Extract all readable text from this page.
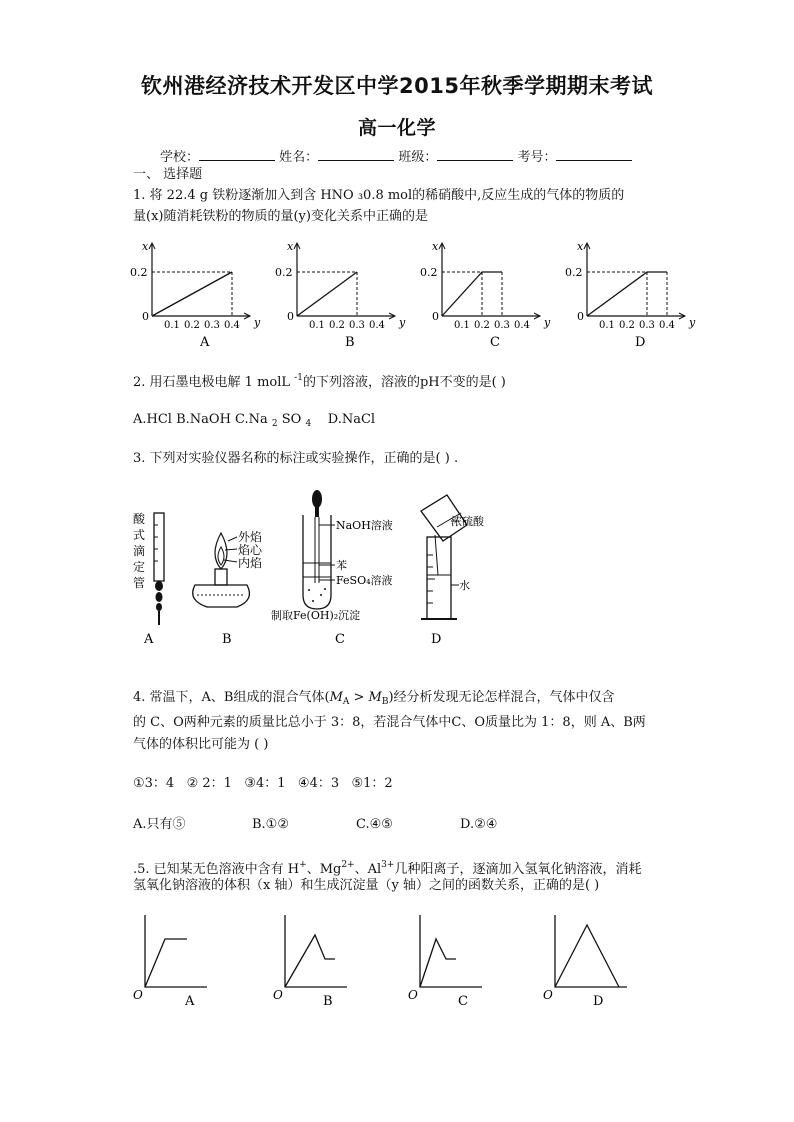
钦州港经济技术开发区中学2015年秋季学期期末考试
高一化学
学校：	姓名：	班级：	考号：
一、 选择题
1. 将 22.4 g 铁粉逐渐加入到含 HNO ₃0.8 mol的稀硝酸中,反应生成的气体的物质的
量(x)随消耗铁粉的物质的量(y)变化关系中正确的是
x
y
0.2
0
0.1 0.2 0.3 0.4
A
x
y
0.2
0
0.1 0.2 0.3 0.4
B
x
y
0.2
0
0.1 0.2 0.3 0.4
C
x
y
0.2
0
0.1 0.2 0.3 0.4
D
2. 用石墨电极电解 1 molL $^{-1}$的下列溶液，溶液的pH不变的是( )
A.HCl B.NaOH C.Na $_2$ SO $_4$    D.NaCl
3. 下列对实验仪器名称的标注或实验操作，正确的是( ) .
酸
式
滴
定
管
外焰
焰心
内焰
NaOH溶液
苯
FeSO₄溶液
制取Fe(OH)₂沉淀
浓硫酸
水
A	B	C	D
4. 常温下，A、B组成的混合气体$(M_A > M_B)$经分析发现无论怎样混合，气体中仅含
的 C、O两种元素的质量比总小于 3：8，若混合气体中C、O质量比为 1：8，则 A、B两
气体的体积比可能为 ( )
①3：4   ② 2：1   ③4：1   ④4：3   ⑤1：2
A.只有⑤	B.①②	C.④⑤	D.②④
.5. 已知某无色溶液中含有 H+、$Mg^{2+}$、$Al^{3+}$几种阳离子，逐滴加入氢氧化钠溶液，消耗
氢氧化钠溶液的体积（x 轴）和生成沉淀量（y 轴）之间的函数关系，正确的是( )
O	A	O	B	O	C	O	D
